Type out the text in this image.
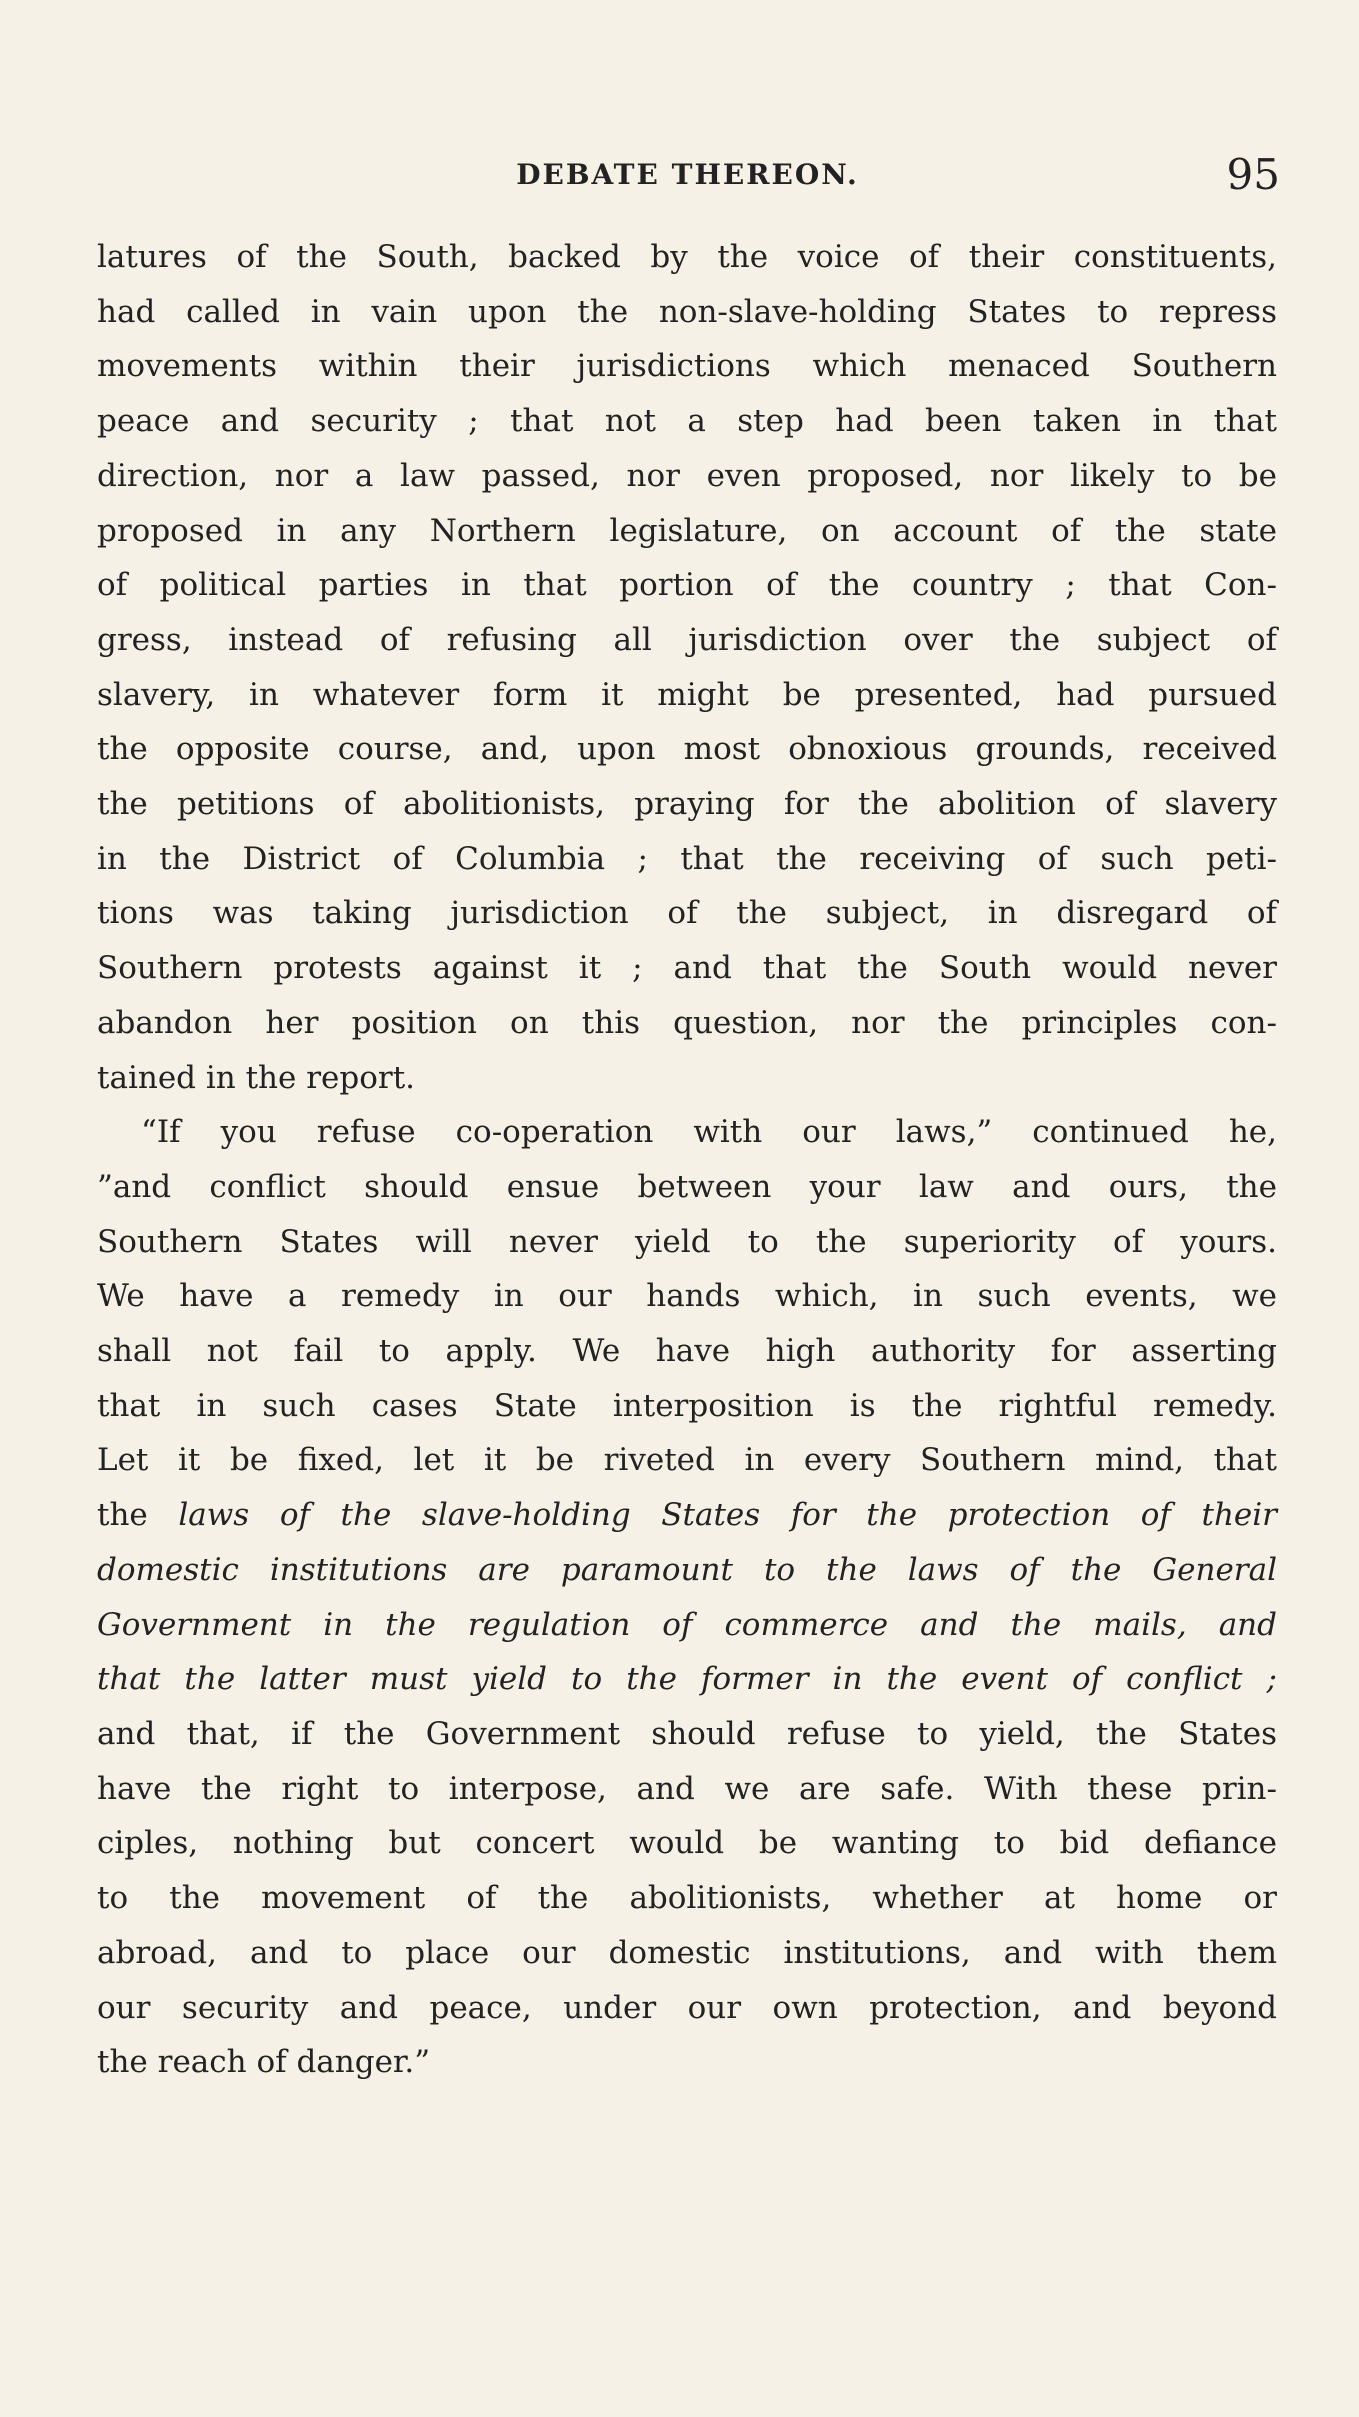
DEBATE THEREON.	95
latures of the South, backed by the voice of their constituents,
had called in vain upon the non-slave-holding States to repress
movements within their jurisdictions which menaced Southern
peace and security ; that not a step had been taken in that
direction, nor a law passed, nor even proposed, nor likely to be
proposed in any Northern legislature, on account of the state
of political parties in that portion of the country ; that Con-
gress, instead of refusing all jurisdiction over the subject of
slavery, in whatever form it might be presented, had pursued
the opposite course, and, upon most obnoxious grounds, received
the petitions of abolitionists, praying for the abolition of slavery
in the District of Columbia ; that the receiving of such peti-
tions was taking jurisdiction of the subject, in disregard of
Southern protests against it ; and that the South would never
abandon her position on this question, nor the principles con-
tained in the report.
“If you refuse co-operation with our laws,” continued he,
”and conflict should ensue between your law and ours, the
Southern States will never yield to the superiority of yours.
We have a remedy in our hands which, in such events, we
shall not fail to apply. We have high authority for asserting
that in such cases State interposition is the rightful remedy.
Let it be fixed, let it be riveted in every Southern mind, that
the laws of the slave-holding States for the protection of their
domestic institutions are paramount to the laws of the General
Government in the regulation of commerce and the mails, and
that the latter must yield to the former in the event of conflict ;
and that, if the Government should refuse to yield, the States
have the right to interpose, and we are safe. With these prin-
ciples, nothing but concert would be wanting to bid defiance
to the movement of the abolitionists, whether at home or
abroad, and to place our domestic institutions, and with them
our security and peace, under our own protection, and beyond
the reach of danger.”
